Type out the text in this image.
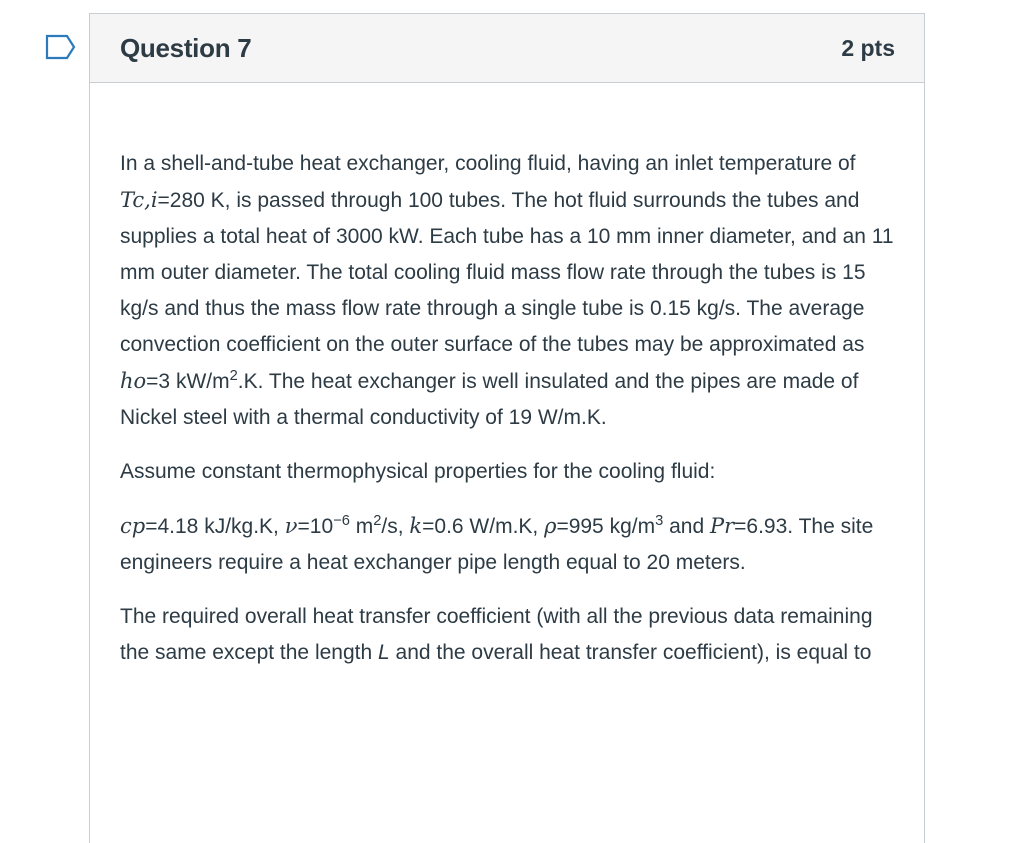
Question 7	2 pts

In a shell-and-tube heat exchanger, cooling fluid, having an inlet temperature of Tc,i=280 K, is passed through 100 tubes. The hot fluid surrounds the tubes and supplies a total heat of 3000 kW. Each tube has a 10 mm inner diameter, and an 11 mm outer diameter. The total cooling fluid mass flow rate through the tubes is 15 kg/s and thus the mass flow rate through a single tube is 0.15 kg/s. The average convection coefficient on the outer surface of the tubes may be approximated as ho=3 $kW/m^2.K$. The heat exchanger is well insulated and the pipes are made of Nickel steel with a thermal conductivity of 19 W/m.K.

Assume constant thermophysical properties for the cooling fluid:

cp=4.18 kJ/kg.K, $\nu=10^{-6}$ $m^2/s$, k=0.6 W/m.K, ρ=995 $kg/m^3$ and Pr=6.93. The site engineers require a heat exchanger pipe length equal to 20 meters.

The required overall heat transfer coefficient (with all the previous data remaining the same except the length L and the overall heat transfer coefficient), is equal to
